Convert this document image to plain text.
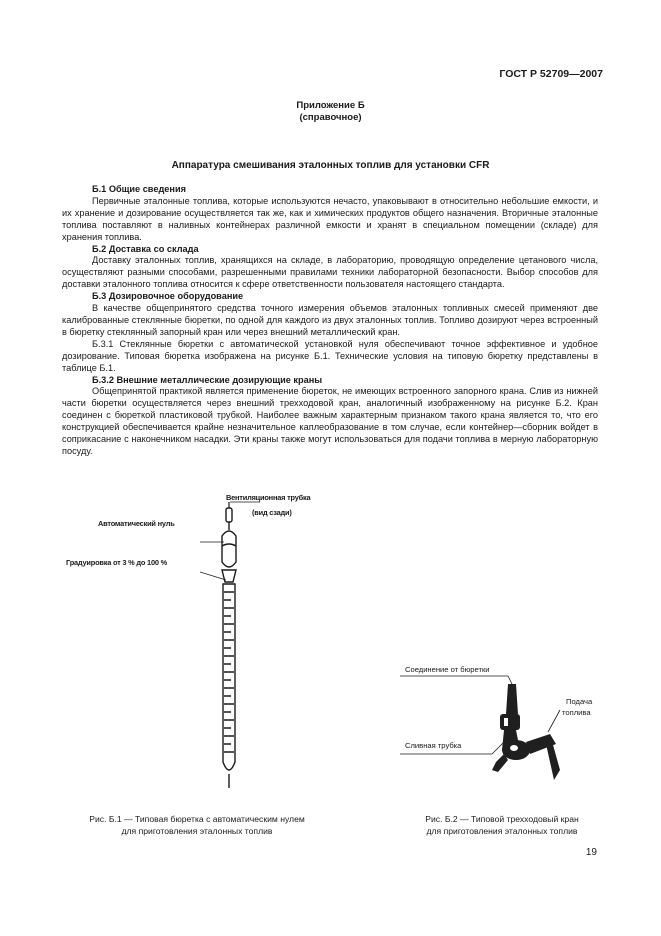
ГОСТ Р 52709—2007
Приложение Б
(справочное)
Аппаратура смешивания эталонных топлив для установки CFR
Б.1 Общие сведения

Первичные эталонные топлива, которые используются нечасто, упаковывают в относительно небольшие емкости, и их хранение и дозирование осуществляется так же, как и химических продуктов общего назначения. Вторичные эталонные топлива поставляют в наливных контейнерах различной емкости и хранят в специальном помещении (складе) для хранения топлива.

Б.2 Доставка со склада

Доставку эталонных топлив, хранящихся на складе, в лабораторию, проводящую определение цетанового числа, осуществляют разными способами, разрешенными правилами техники лабораторной безопасности. Выбор способов для доставки эталонного топлива относится к сфере ответственности пользователя настоящего стандарта.

Б.3 Дозировочное оборудование

В качестве общепринятого средства точного измерения объемов эталонных топливных смесей применяют две калиброванные стеклянные бюретки, по одной для каждого из двух эталонных топлив. Топливо дозируют через встроенный в бюретку стеклянный запорный кран или через внешний металлический кран.

Б.3.1 Стеклянные бюретки с автоматической установкой нуля обеспечивают точное эффективное и удобное дозирование. Типовая бюретка изображена на рисунке Б.1. Технические условия на типовую бюретку представлены в таблице Б.1.

Б.3.2 Внешние металлические дозирующие краны

Общепринятой практикой является применение бюреток, не имеющих встроенного запорного крана. Слив из нижней части бюретки осуществляется через внешний трехходовой кран, аналогичный изображенному на рисунке Б.2. Кран соединен с бюреткой пластиковой трубкой. Наиболее важным характерным признаком такого крана является то, что его конструкцией обеспечивается крайне незначительное каплеобразование в том случае, если контейнер—сборник войдет в соприкасание с наконечником насадки. Эти краны также могут использоваться для подачи топлива в мерную лабораторную посуду.

Вентиляционная трубка
(вид сзади)
Автоматический нуль
Градуировка от 3 % до 100 %
Рис. Б.1 — Типовая бюретка с автоматическим нулем
для приготовления эталонных топлив
Соединение от бюретки
Подача
топлива
Сливная трубка
Рис. Б.2 — Типовой трехходовый кран
для приготовления эталонных топлив
19
